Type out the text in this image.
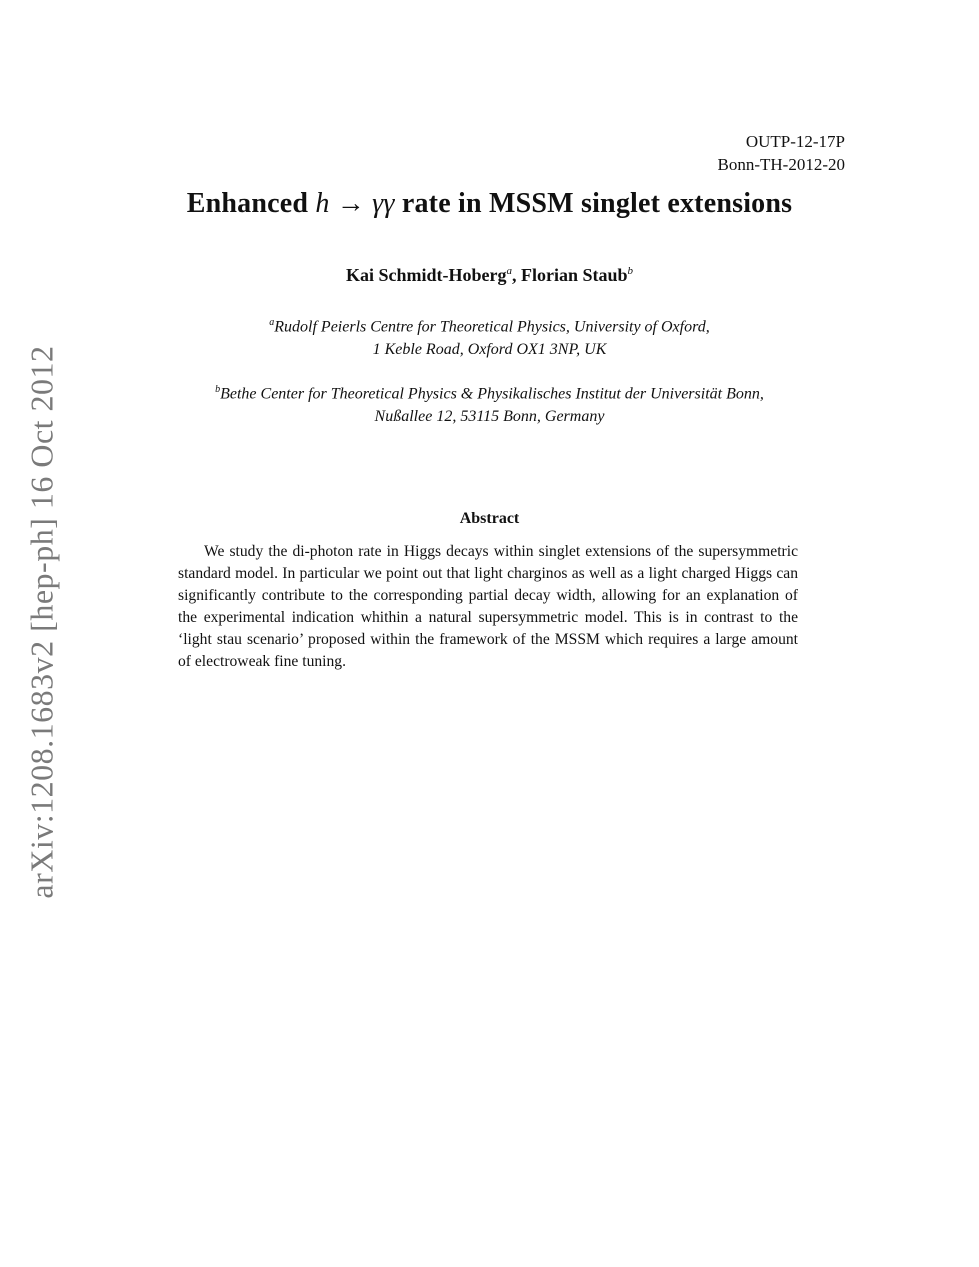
OUTP-12-17P
Bonn-TH-2012-20
Enhanced h → γγ rate in MSSM singlet extensions
Kai Schmidt-Hoberg$^a$, Florian Staub$^b$
$^a$Rudolf Peierls Centre for Theoretical Physics, University of Oxford,
1 Keble Road, Oxford OX1 3NP, UK
$^b$Bethe Center for Theoretical Physics & Physikalisches Institut der Universität Bonn,
Nußallee 12, 53115 Bonn, Germany
Abstract
We study the di-photon rate in Higgs decays within singlet extensions of the supersymmetric standard model. In particular we point out that light charginos as well as a light charged Higgs can significantly contribute to the corresponding partial decay width, allowing for an explanation of the experimental indication whithin a natural supersymmetric model. This is in contrast to the ‘light stau scenario’ proposed within the framework of the MSSM which requires a large amount of electroweak fine tuning.
arXiv:1208.1683v2 [hep-ph] 16 Oct 2012
